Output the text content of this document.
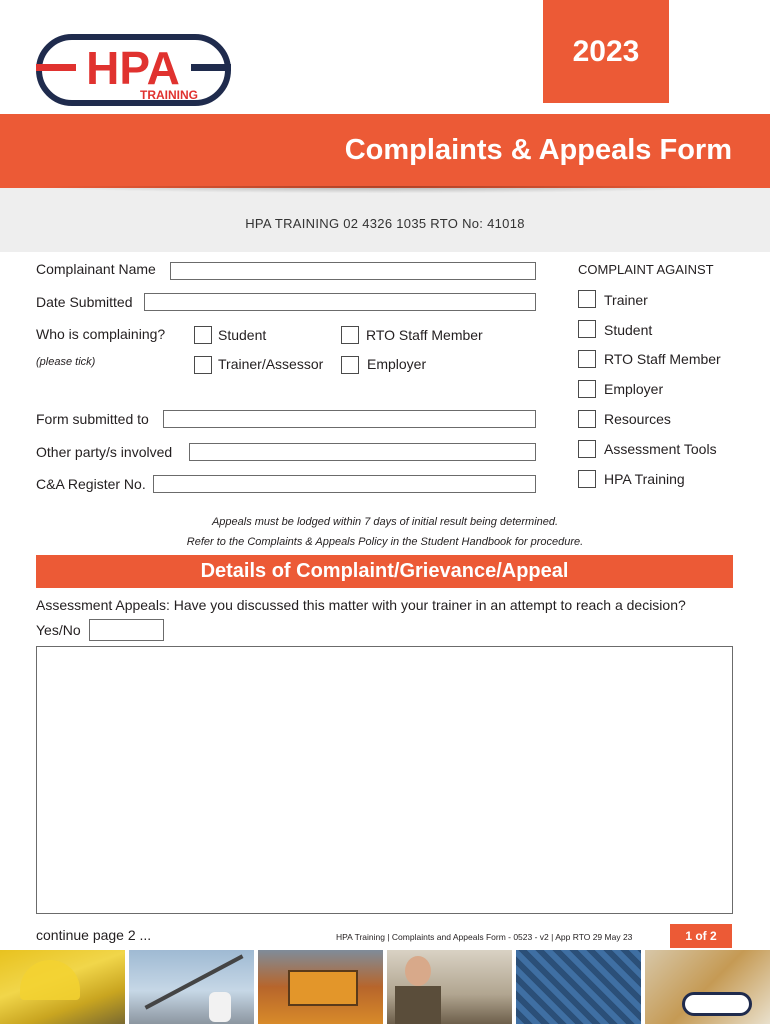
2023
HPA
TRAINING
Complaints & Appeals Form
HPA TRAINING 02 4326 1035 RTO No: 41018
Complainant Name
Date Submitted
Who is complaining?
(please tick)
Student	RTO Staff Member
Trainer/Assessor	Employer
Form submitted to
Other party/s involved
C&A Register No.
COMPLAINT AGAINST
Trainer
Student
RTO Staff Member
Employer
Resources
Assessment Tools
HPA Training
Appeals must be lodged within 7 days of initial result being determined.
Refer to the Complaints & Appeals Policy in the Student Handbook for procedure.
Details of Complaint/Grievance/Appeal
Assessment Appeals: Have you discussed this matter with your trainer in an attempt to reach a decision?
Yes/No
continue page 2 ...	HPA Training | Complaints and Appeals Form - 0523 - v2 | App RTO 29 May 23	1 of 2
